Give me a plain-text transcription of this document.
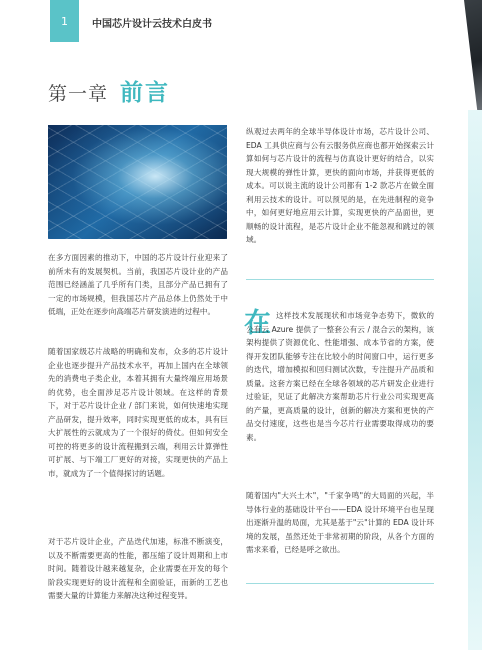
1 中国芯片设计云技术白皮书
第一章 前言

在多方面因素的推动下，中国的芯片设计行业迎来了前所未有的发展契机。当前，我国芯片设计业的产品范围已经涵盖了几乎所有门类，且部分产品已拥有了一定的市场规模，但我国芯片产品总体上仍然处于中低端，正处在逐步向高端芯片研发演进的过程中。

随着国家级芯片战略的明确和发布，众多的芯片设计企业也逐步提升产品技术水平，再加上国内在全球领先的消费电子类企业，本着其拥有大量终端应用场景的优势，也全面涉足芯片设计领域。在这样的背景下，对于芯片设计企业 / 部门来说，如何快速地实现产品研发，提升效率，同时实现更低的成本，具有巨大扩展性的云就成为了一个很好的倚仗。但如何安全可控的将更多的设计流程搬到云端，利用云计算弹性可扩展、与下端工厂更好的对接，实现更快的产品上市，就成为了一个值得探讨的话题。

对于芯片设计企业，产品迭代加速，标准不断演变，以及不断需要更高的性能，都压缩了设计周期和上市时间。随着设计越来越复杂，企业需要在开发的每个阶段实现更好的设计流程和全面验证，而新的工艺也需要大量的计算能力来解决这种过程变异。

纵观过去两年的全球半导体设计市场，芯片设计公司、EDA 工具供应商与公有云服务供应商也都开始探索云计算如何与芯片设计的流程与仿真设计更好的结合，以实现大规模的弹性计算，更快的面向市场，并获得更低的成本。可以说主流的设计公司都有 1-2 款芯片在做全面利用云技术的设计。可以预见的是，在先进制程的竞争中，如何更好地应用云计算，实现更快的产品面世，更顺畅的设计流程，是芯片设计企业不能忽视和跳过的领域。

在 这样技术发展现状和市场竞争态势下，微软的公有云 Azure 提供了一整套公有云 / 混合云的架构，该架构提供了资源优化、性能增强、成本节省的方案，使得开发团队能够专注在比较小的时间窗口中，运行更多的迭代，增加模拟和回归测试次数，专注提升产品质和质量。这套方案已经在全球各领域的芯片研发企业进行过验证，见证了此解决方案帮助芯片行业公司实现更高的产量，更高质量的设计，创新的解决方案和更快的产品交付速度，这些也是当今芯片行业需要取得成功的要素。

随着国内"大兴土木"，"千家争鸣"的大局面的兴起，半导体行业的基础设计平台——EDA 设计环境平台也呈现出逐渐升温的局面，尤其是基于"云"计算的 EDA 设计环境的发展，虽然还处于非常初期的阶段，从各个方面的需求来看，已经是呼之欲出。
